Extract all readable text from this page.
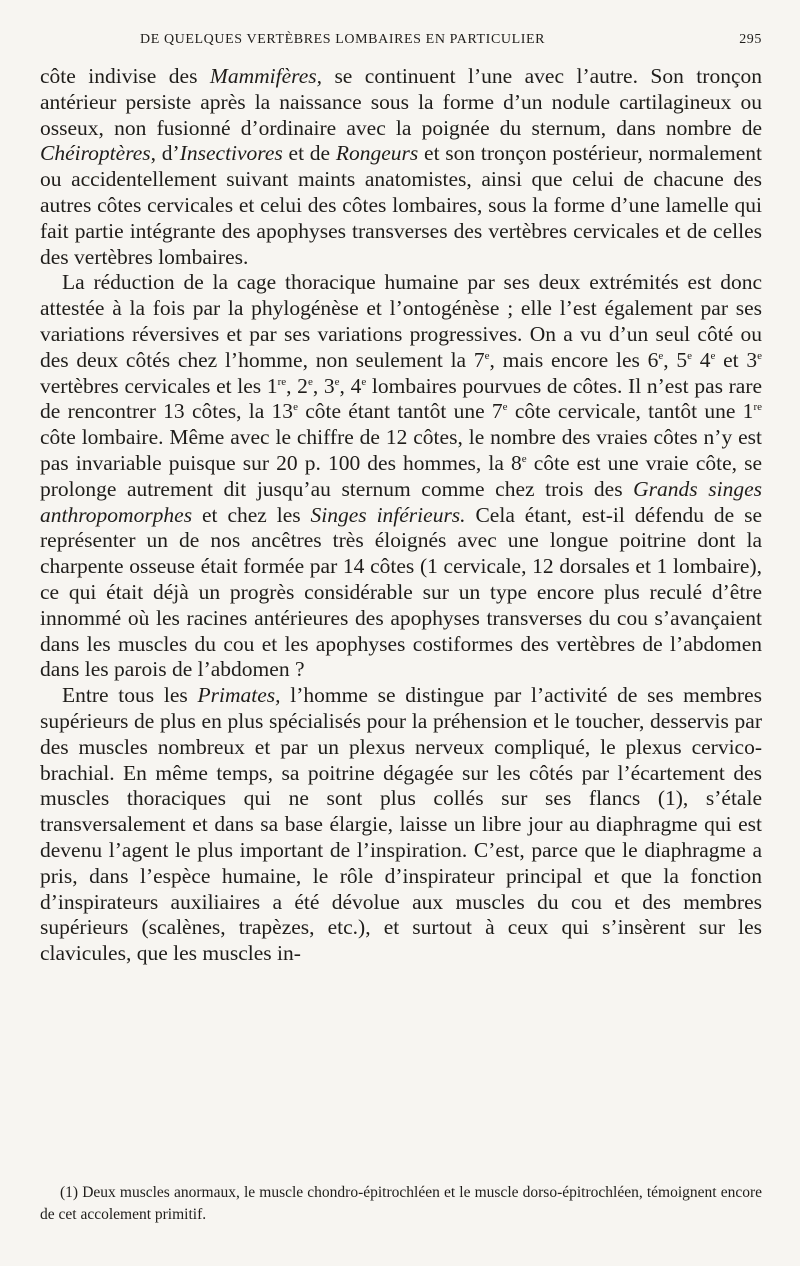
DE QUELQUES VERTÈBRES LOMBAIRES EN PARTICULIER	295

côte indivise des Mammifères, se continuent l’une avec l’autre. Son tronçon antérieur persiste après la naissance sous la forme d’un nodule cartilagineux ou osseux, non fusionné d’ordinaire avec la poignée du sternum, dans nombre de Chéiroptères, d’Insectivores et de Rongeurs et son tronçon postérieur, normalement ou accidentellement suivant maints anatomistes, ainsi que celui de chacune des autres côtes cervicales et celui des côtes lombaires, sous la forme d’une lamelle qui fait partie intégrante des apophyses transverses des vertèbres cervicales et de celles des vertèbres lombaires.

La réduction de la cage thoracique humaine par ses deux extrémités est donc attestée à la fois par la phylogénèse et l’ontogénèse ; elle l’est également par ses variations réversives et par ses variations progressives. On a vu d’un seul côté ou des deux côtés chez l’homme, non seulement la 7e, mais encore les 6e, 5e 4e et 3e vertèbres cervicales et les 1re, 2e, 3e, 4e lombaires pourvues de côtes. Il n’est pas rare de rencontrer 13 côtes, la 13e côte étant tantôt une 7e côte cervicale, tantôt une 1re côte lombaire. Même avec le chiffre de 12 côtes, le nombre des vraies côtes n’y est pas invariable puisque sur 20 p. 100 des hommes, la 8e côte est une vraie côte, se prolonge autrement dit jusqu’au sternum comme chez trois des Grands singes anthropomorphes et chez les Singes inférieurs. Cela étant, est-il défendu de se représenter un de nos ancêtres très éloignés avec une longue poitrine dont la charpente osseuse était formée par 14 côtes (1 cervicale, 12 dorsales et 1 lombaire), ce qui était déjà un progrès considérable sur un type encore plus reculé d’être innommé où les racines antérieures des apophyses transverses du cou s’avançaient dans les muscles du cou et les apophyses costiformes des vertèbres de l’abdomen dans les parois de l’abdomen ?

Entre tous les Primates, l’homme se distingue par l’activité de ses membres supérieurs de plus en plus spécialisés pour la préhension et le toucher, desservis par des muscles nombreux et par un plexus nerveux compliqué, le plexus cervico-brachial. En même temps, sa poitrine dégagée sur les côtés par l’écartement des muscles thoraciques qui ne sont plus collés sur ses flancs (1), s’étale transversalement et dans sa base élargie, laisse un libre jour au diaphragme qui est devenu l’agent le plus important de l’inspiration. C’est, parce que le diaphragme a pris, dans l’espèce humaine, le rôle d’inspirateur principal et que la fonction d’inspirateurs auxiliaires a été dévolue aux muscles du cou et des membres supérieurs (scalènes, trapèzes, etc.), et surtout à ceux qui s’insèrent sur les clavicules, que les muscles in-

(1) Deux muscles anormaux, le muscle chondro-épitrochléen et le muscle dorso-épitrochléen, témoignent encore de cet accolement primitif.
